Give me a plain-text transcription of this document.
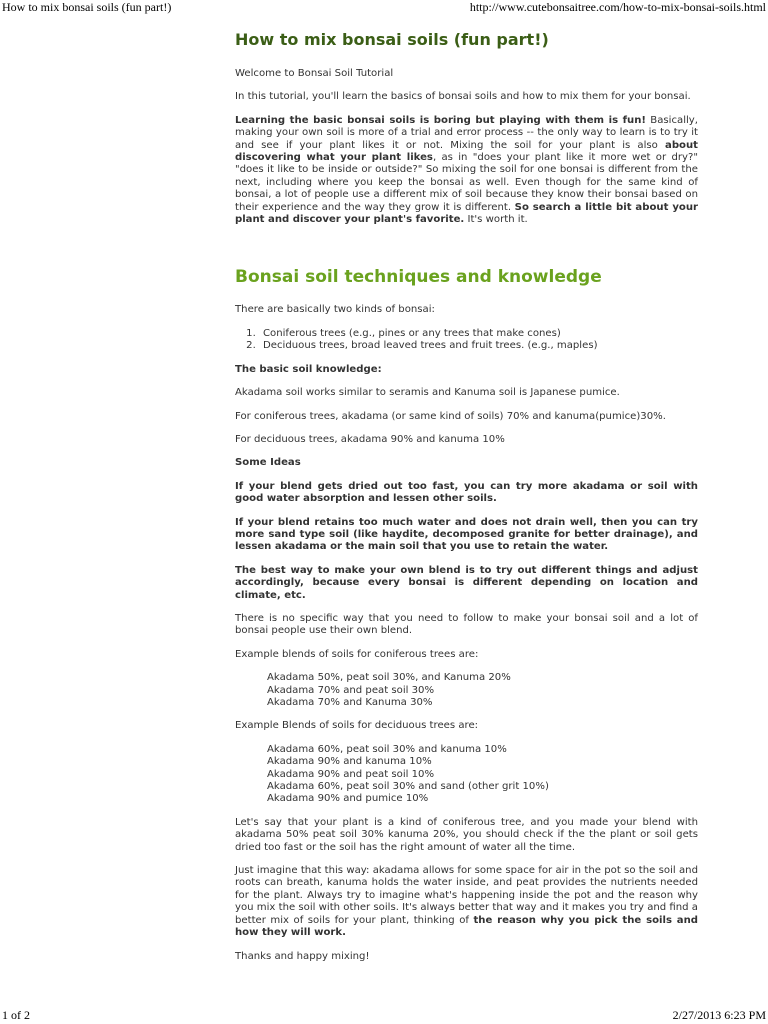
How to mix bonsai soils (fun part!)	http://www.cutebonsaitree.com/how-to-mix-bonsai-soils.html
How to mix bonsai soils (fun part!)

Welcome to Bonsai Soil Tutorial

In this tutorial, you'll learn the basics of bonsai soils and how to mix them for your bonsai.

Learning the basic bonsai soils is boring but playing with them is fun! Basically, making your own soil is more of a trial and error process -- the only way to learn is to try it and see if your plant likes it or not. Mixing the soil for your plant is also about discovering what your plant likes, as in "does your plant like it more wet or dry?" "does it like to be inside or outside?" So mixing the soil for one bonsai is different from the next, including where you keep the bonsai as well. Even though for the same kind of bonsai, a lot of people use a different mix of soil because they know their bonsai based on their experience and the way they grow it is different. So search a little bit about your plant and discover your plant's favorite. It's worth it.

Bonsai soil techniques and knowledge

There are basically two kinds of bonsai:

1. Coniferous trees (e.g., pines or any trees that make cones)
2. Deciduous trees, broad leaved trees and fruit trees. (e.g., maples)

The basic soil knowledge:

Akadama soil works similar to seramis and Kanuma soil is Japanese pumice.

For coniferous trees, akadama (or same kind of soils) 70% and kanuma(pumice)30%.

For deciduous trees, akadama 90% and kanuma 10%

Some Ideas

If your blend gets dried out too fast, you can try more akadama or soil with good water absorption and lessen other soils.

If your blend retains too much water and does not drain well, then you can try more sand type soil (like haydite, decomposed granite for better drainage), and lessen akadama or the main soil that you use to retain the water.

The best way to make your own blend is to try out different things and adjust accordingly, because every bonsai is different depending on location and climate, etc.

There is no specific way that you need to follow to make your bonsai soil and a lot of bonsai people use their own blend.

Example blends of soils for coniferous trees are:

Akadama 50%, peat soil 30%, and Kanuma 20%
Akadama 70% and peat soil 30%
Akadama 70% and Kanuma 30%

Example Blends of soils for deciduous trees are:

Akadama 60%, peat soil 30% and kanuma 10%
Akadama 90% and kanuma 10%
Akadama 90% and peat soil 10%
Akadama 60%, peat soil 30% and sand (other grit 10%)
Akadama 90% and pumice 10%

Let's say that your plant is a kind of coniferous tree, and you made your blend with akadama 50% peat soil 30% kanuma 20%, you should check if the the plant or soil gets dried too fast or the soil has the right amount of water all the time.

Just imagine that this way: akadama allows for some space for air in the pot so the soil and roots can breath, kanuma holds the water inside, and peat provides the nutrients needed for the plant. Always try to imagine what's happening inside the pot and the reason why you mix the soil with other soils. It's always better that way and it makes you try and find a better mix of soils for your plant, thinking of the reason why you pick the soils and how they will work.

Thanks and happy mixing!

1 of 2	2/27/2013 6:23 PM
